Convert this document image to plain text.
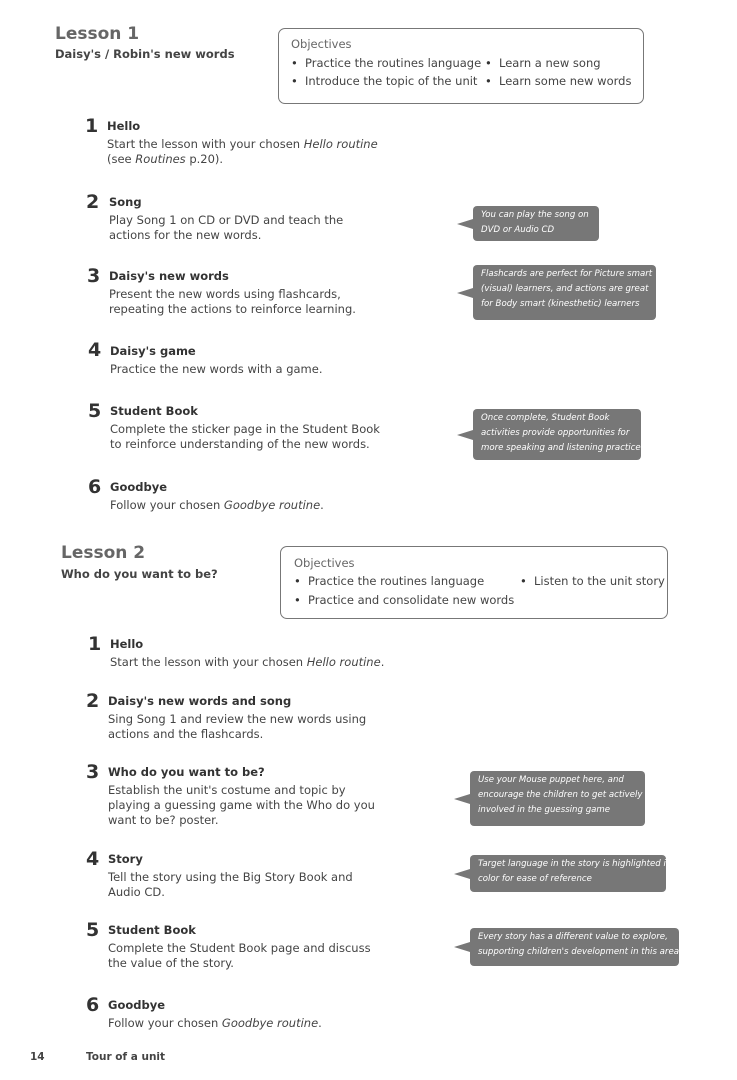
Lesson 1
Daisy's / Robin's new words
Objectives
• Practice the routines language
• Introduce the topic of the unit
• Learn a new song
• Learn some new words
1 Hello
Start the lesson with your chosen Hello routine
(see Routines p.20).
2 Song
Play Song 1 on CD or DVD and teach the
actions for the new words.
3 Daisy's new words
Present the new words using flashcards,
repeating the actions to reinforce learning.
4 Daisy's game
Practice the new words with a game.
5 Student Book
Complete the sticker page in the Student Book
to reinforce understanding of the new words.
6 Goodbye
Follow your chosen Goodbye routine.
You can play the song on
DVD or Audio CD
Flashcards are perfect for Picture smart
(visual) learners, and actions are great
for Body smart (kinesthetic) learners
Once complete, Student Book
activities provide opportunities for
more speaking and listening practice
Lesson 2
Who do you want to be?
Objectives
• Practice the routines language
• Practice and consolidate new words
• Listen to the unit story
1 Hello
Start the lesson with your chosen Hello routine.
2 Daisy's new words and song
Sing Song 1 and review the new words using
actions and the flashcards.
3 Who do you want to be?
Establish the unit's costume and topic by
playing a guessing game with the Who do you
want to be? poster.
4 Story
Tell the story using the Big Story Book and
Audio CD.
5 Student Book
Complete the Student Book page and discuss
the value of the story.
6 Goodbye
Follow your chosen Goodbye routine.
Use your Mouse puppet here, and
encourage the children to get actively
involved in the guessing game
Target language in the story is highlighted in
color for ease of reference
Every story has a different value to explore,
supporting children's development in this area
14	Tour of a unit
